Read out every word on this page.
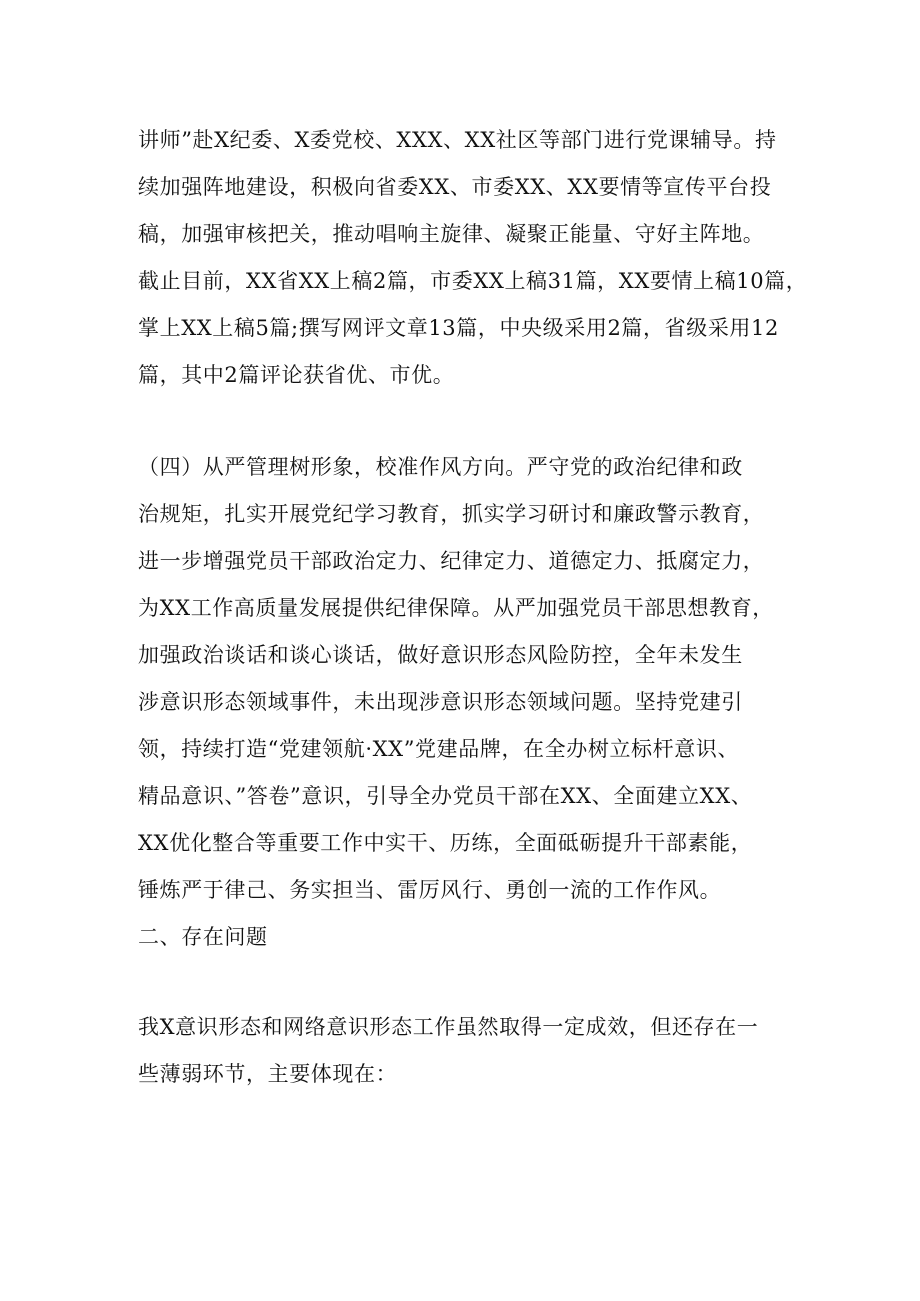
讲师”赴X纪委、X委党校、XXX、XX社区等部门进行党课辅导。持
续加强阵地建设，积极向省委XX、市委XX、XX要情等宣传平台投
稿，加强审核把关，推动唱响主旋律、凝聚正能量、守好主阵地。
截止目前，XX省XX上稿2篇，市委XX上稿31篇，XX要情上稿10篇，
掌上XX上稿5篇;撰写网评文章13篇，中央级采用2篇，省级采用12
篇，其中2篇评论获省优、市优。
（四）从严管理树形象，校准作风方向。严守党的政治纪律和政
治规矩，扎实开展党纪学习教育，抓实学习研讨和廉政警示教育，
进一步增强党员干部政治定力、纪律定力、道德定力、抵腐定力，
为XX工作高质量发展提供纪律保障。从严加强党员干部思想教育，
加强政治谈话和谈心谈话，做好意识形态风险防控，全年未发生
涉意识形态领域事件，未出现涉意识形态领域问题。坚持党建引
领，持续打造“党建领航·XX”党建品牌，在全办树立标杆意识、
精品意识、”答卷”意识，引导全办党员干部在XX、全面建立XX、
XX优化整合等重要工作中实干、历练，全面砥砺提升干部素能，
锤炼严于律己、务实担当、雷厉风行、勇创一流的工作作风。
二、存在问题
我X意识形态和网络意识形态工作虽然取得一定成效，但还存在一
些薄弱环节，主要体现在：
